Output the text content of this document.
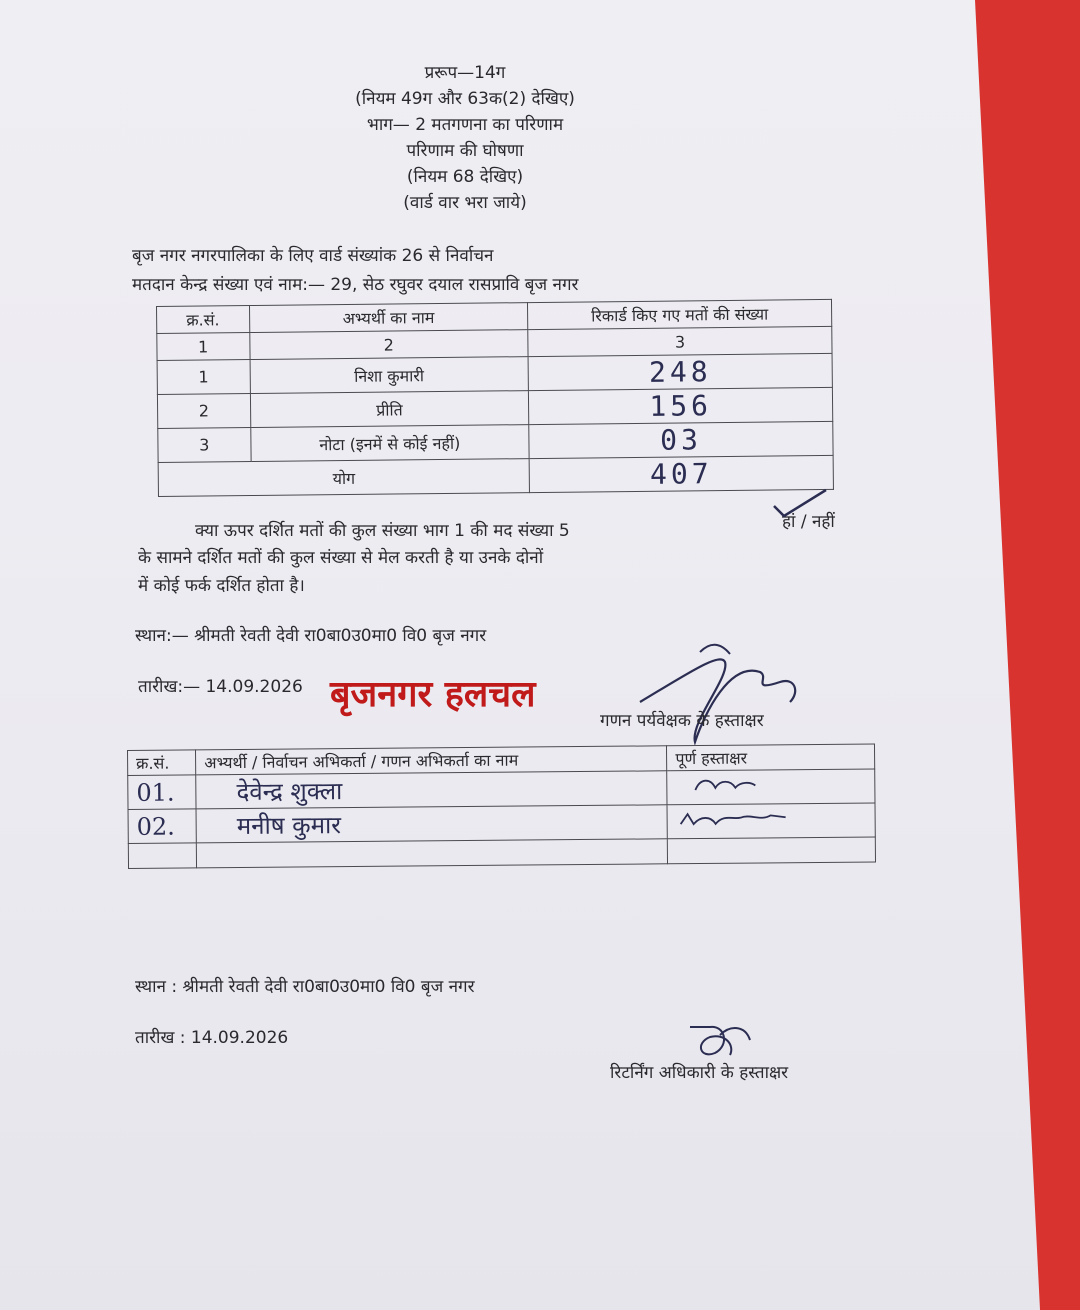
प्ररूप—14ग
(नियम 49ग और 63क(2) देखिए)
भाग— 2 मतगणना का परिणाम
परिणाम की घोषणा
(नियम 68 देखिए)
(वार्ड वार भरा जाये)
बृज नगर नगरपालिका के लिए वार्ड संख्यांक 26 से निर्वाचन
मतदान केन्द्र संख्या एवं नाम:— 29, सेठ रघुवर दयाल रासप्रावि बृज नगर
क्र.सं.	अभ्यर्थी का नाम	रिकार्ड किए गए मतों की संख्या
1	2	3
1	निशा कुमारी	248
2	प्रीति	156
3	नोटा (इनमें से कोई नहीं)	03
योग		407
क्या ऊपर दर्शित मतों की कुल संख्या भाग 1 की मद संख्या 5
के सामने दर्शित मतों की कुल संख्या से मेल करती है या उनके दोनों
में कोई फर्क दर्शित होता है।
हां / नहीं
स्थान:— श्रीमती रेवती देवी रा0बा0उ0मा0 वि0 बृज नगर
तारीख:— 14.09.2026 बृजनगर हलचल
गणन पर्यवेक्षक के हस्ताक्षर
क्र.सं.	अभ्यर्थी / निर्वाचन अभिकर्ता / गणन अभिकर्ता का नाम	पूर्ण हस्ताक्षर
01.	देवेन्द्र शुक्ला	
02.	मनीष कुमार	

स्थान : श्रीमती रेवती देवी रा0बा0उ0मा0 वि0 बृज नगर
तारीख : 14.09.2026
रिटर्निंग अधिकारी के हस्ताक्षर
